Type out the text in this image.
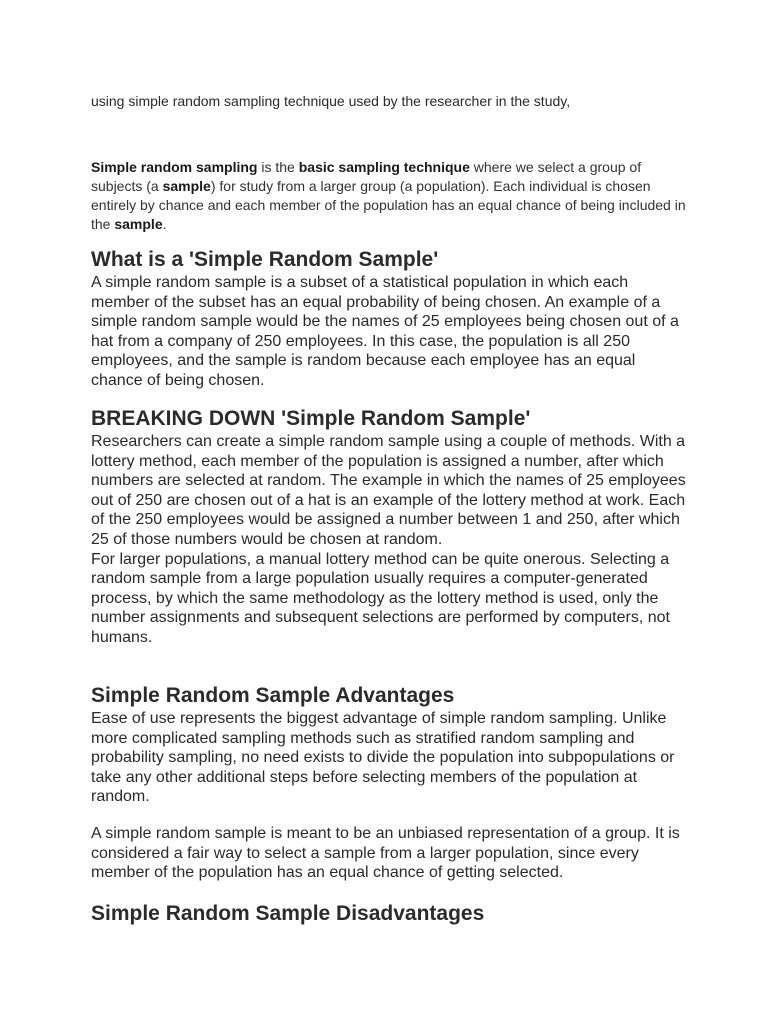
using simple random sampling technique used by the researcher in the study,
Simple random sampling is the basic sampling technique where we select a group of subjects (a sample) for study from a larger group (a population). Each individual is chosen entirely by chance and each member of the population has an equal chance of being included in the sample.
What is a 'Simple Random Sample'

A simple random sample is a subset of a statistical population in which each member of the subset has an equal probability of being chosen. An example of a simple random sample would be the names of 25 employees being chosen out of a hat from a company of 250 employees. In this case, the population is all 250 employees, and the sample is random because each employee has an equal chance of being chosen.

BREAKING DOWN 'Simple Random Sample'

Researchers can create a simple random sample using a couple of methods. With a lottery method, each member of the population is assigned a number, after which numbers are selected at random. The example in which the names of 25 employees out of 250 are chosen out of a hat is an example of the lottery method at work. Each of the 250 employees would be assigned a number between 1 and 250, after which 25 of those numbers would be chosen at random.

For larger populations, a manual lottery method can be quite onerous. Selecting a random sample from a large population usually requires a computer-generated process, by which the same methodology as the lottery method is used, only the number assignments and subsequent selections are performed by computers, not humans.

Simple Random Sample Advantages

Ease of use represents the biggest advantage of simple random sampling. Unlike more complicated sampling methods such as stratified random sampling and probability sampling, no need exists to divide the population into subpopulations or take any other additional steps before selecting members of the population at random.

A simple random sample is meant to be an unbiased representation of a group. It is considered a fair way to select a sample from a larger population, since every member of the population has an equal chance of getting selected.

Simple Random Sample Disadvantages
